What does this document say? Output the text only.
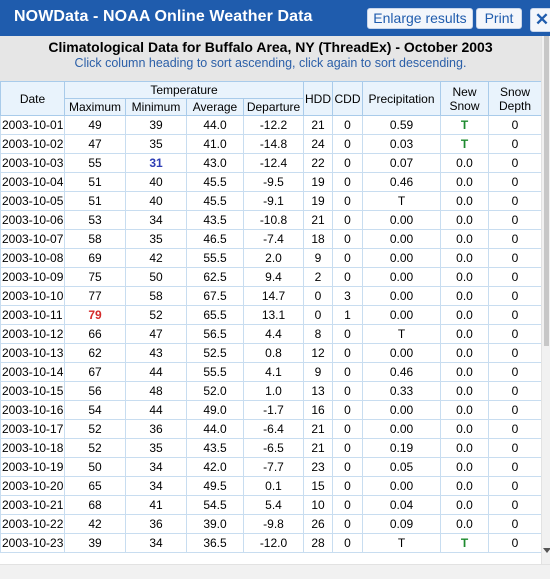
NOWData - NOAA Online Weather Data	Enlarge results	Print	✕
Climatological Data for Buffalo Area, NY (ThreadEx) - October 2003
Click column heading to sort ascending, click again to sort descending.
Date	Temperature				HDD	CDD	Precipitation	New Snow	Snow Depth
	Maximum	Minimum	Average	Departure					
2003-10-01	49	39	44.0	-12.2	21	0	0.59	T	0
2003-10-02	47	35	41.0	-14.8	24	0	0.03	T	0
2003-10-03	55	31	43.0	-12.4	22	0	0.07	0.0	0
2003-10-04	51	40	45.5	-9.5	19	0	0.46	0.0	0
2003-10-05	51	40	45.5	-9.1	19	0	T	0.0	0
2003-10-06	53	34	43.5	-10.8	21	0	0.00	0.0	0
2003-10-07	58	35	46.5	-7.4	18	0	0.00	0.0	0
2003-10-08	69	42	55.5	2.0	9	0	0.00	0.0	0
2003-10-09	75	50	62.5	9.4	2	0	0.00	0.0	0
2003-10-10	77	58	67.5	14.7	0	3	0.00	0.0	0
2003-10-11	79	52	65.5	13.1	0	1	0.00	0.0	0
2003-10-12	66	47	56.5	4.4	8	0	T	0.0	0
2003-10-13	62	43	52.5	0.8	12	0	0.00	0.0	0
2003-10-14	67	44	55.5	4.1	9	0	0.46	0.0	0
2003-10-15	56	48	52.0	1.0	13	0	0.33	0.0	0
2003-10-16	54	44	49.0	-1.7	16	0	0.00	0.0	0
2003-10-17	52	36	44.0	-6.4	21	0	0.00	0.0	0
2003-10-18	52	35	43.5	-6.5	21	0	0.19	0.0	0
2003-10-19	50	34	42.0	-7.7	23	0	0.05	0.0	0
2003-10-20	65	34	49.5	0.1	15	0	0.00	0.0	0
2003-10-21	68	41	54.5	5.4	10	0	0.04	0.0	0
2003-10-22	42	36	39.0	-9.8	26	0	0.09	0.0	0
2003-10-23	39	34	36.5	-12.0	28	0	T	T	0
